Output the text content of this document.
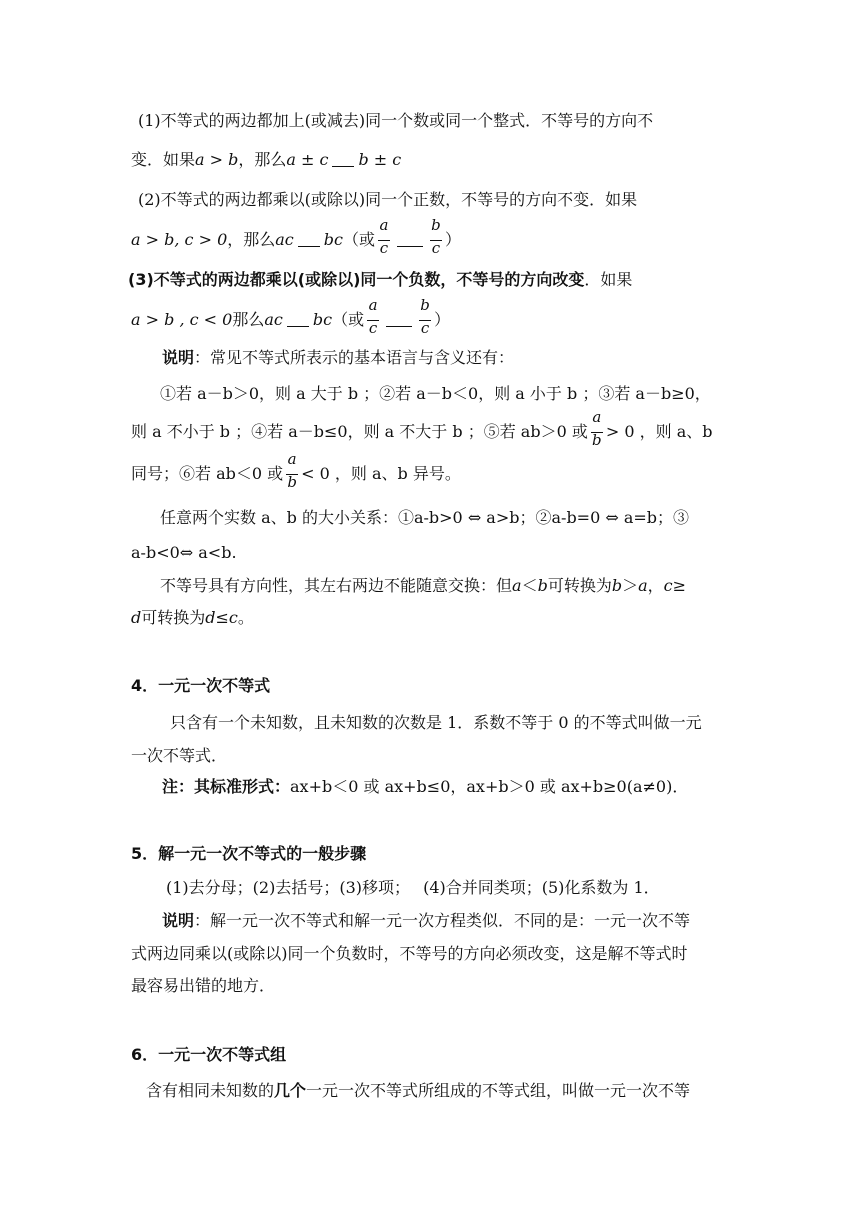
(1)不等式的两边都加上(或减去)同一个数或同一个整式．不等号的方向不
变．如果a > b，那么a ± c b ± c
(2)不等式的两边都乘以(或除以)同一个正数，不等号的方向不变．如果
a > b, c > 0，那么ac bc（或 $\frac{a}{c}$	$\frac{b}{c}$ ）
(3)不等式的两边都乘以(或除以)同一个负数，不等号的方向改变．如果
a > b , c < 0那么ac bc（或 $\frac{a}{c}$	$\frac{b}{c}$ ）
说明：常见不等式所表示的基本语言与含义还有：
①若 a－b＞0，则 a 大于 b ；②若 a－b＜0，则 a 小于 b ；③若 a－b≥0，
则 a 不小于 b ；④若 a－b≤0，则 a 不大于 b ；⑤若 ab＞0 或 $\frac{a}{b} > 0$ ，则 a、b
同号；⑥若 ab＜0 或 $\frac{a}{b} < 0$ ，则 a、b 异号。
任意两个实数 a、b 的大小关系：①a-b>0 ⇔ a>b；②a-b=0 ⇔ a=b；③
a-b<0⇔ a<b.
不等号具有方向性，其左右两边不能随意交换：但a＜b可转换为b＞a，c≥
d可转换为d≤c。
4．一元一次不等式
只含有一个未知数，且未知数的次数是 1．系数不等于 0 的不等式叫做一元
一次不等式．
注：其标准形式：ax+b＜0 或 ax+b≤0，ax+b＞0 或 ax+b≥0(a≠0)．
5．解一元一次不等式的一般步骤
(1)去分母；(2)去括号；(3)移项；　 (4)合并同类项；(5)化系数为 1．
说明：解一元一次不等式和解一元一次方程类似．不同的是：一元一次不等
式两边同乘以(或除以)同一个负数时，不等号的方向必须改变，这是解不等式时
最容易出错的地方．
6．一元一次不等式组
含有相同未知数的几个一元一次不等式所组成的不等式组，叫做一元一次不等
